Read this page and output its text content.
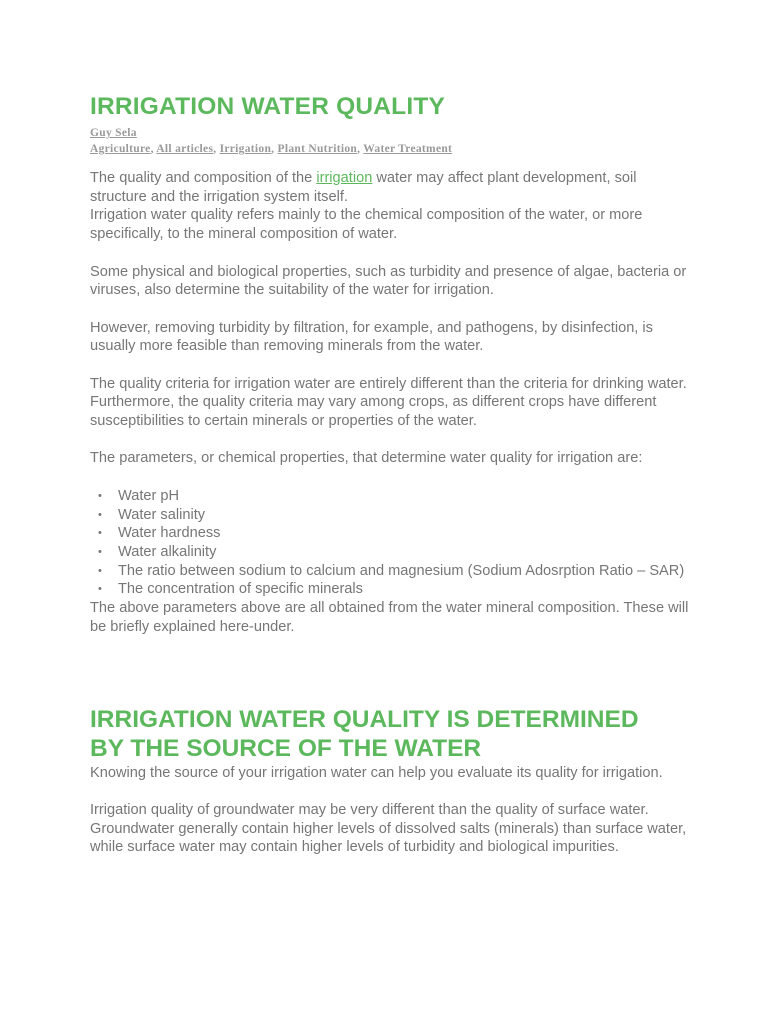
IRRIGATION WATER QUALITY
Guy Sela
Agriculture, All articles, Irrigation, Plant Nutrition, Water Treatment

The quality and composition of the irrigation water may affect plant development, soil structure and the irrigation system itself.

Irrigation water quality refers mainly to the chemical composition of the water, or more specifically, to the mineral composition of water.

Some physical and biological properties, such as turbidity and presence of algae, bacteria or viruses, also determine the suitability of the water for irrigation.

However, removing turbidity by filtration, for example, and pathogens, by disinfection, is usually more feasible than removing minerals from the water.

The quality criteria for irrigation water are entirely different than the criteria for drinking water. Furthermore, the quality criteria may vary among crops, as different crops have different susceptibilities to certain minerals or properties of the water.

The parameters, or chemical properties, that determine water quality for irrigation are:

• Water pH
• Water salinity
• Water hardness
• Water alkalinity
• The ratio between sodium to calcium and magnesium (Sodium Adosrption Ratio – SAR)
• The concentration of specific minerals

The above parameters above are all obtained from the water mineral composition. These will be briefly explained here-under.

IRRIGATION WATER QUALITY IS DETERMINED BY THE SOURCE OF THE WATER

Knowing the source of your irrigation water can help you evaluate its quality for irrigation.

Irrigation quality of groundwater may be very different than the quality of surface water. Groundwater generally contain higher levels of dissolved salts (minerals) than surface water, while surface water may contain higher levels of turbidity and biological impurities.
